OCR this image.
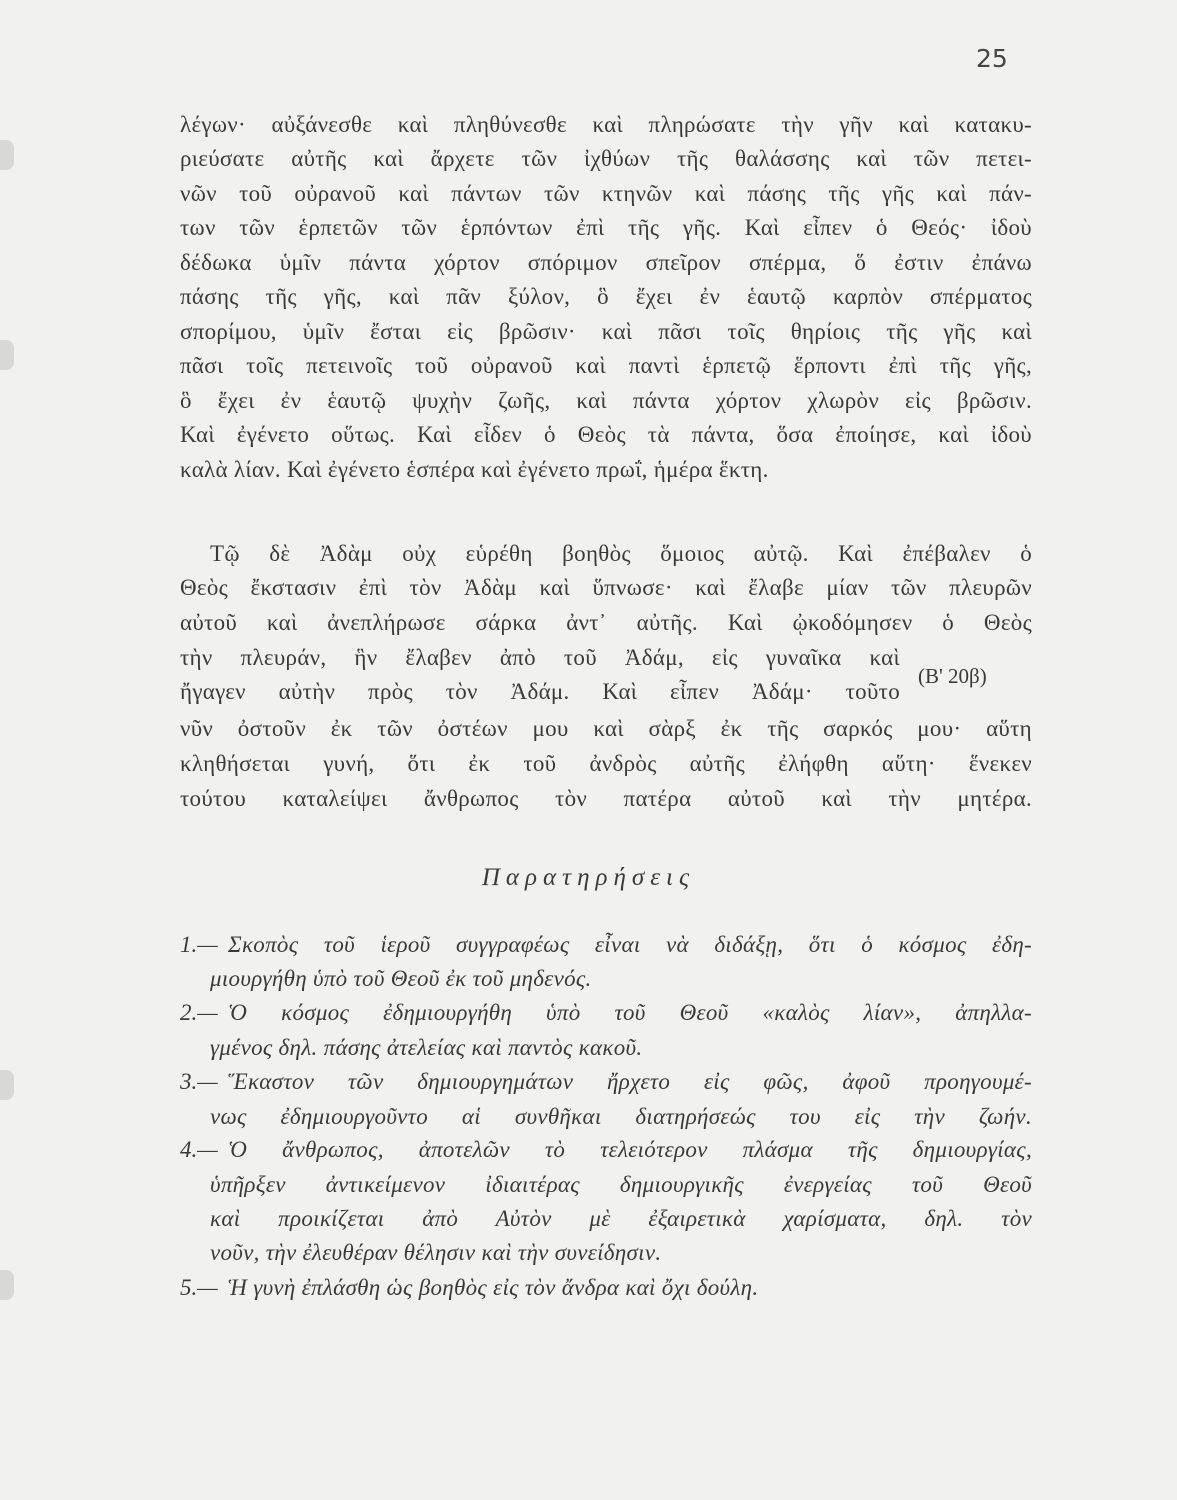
25
λέγων· αὐξάνεσθε καὶ πληθύνεσθε καὶ πληρώσατε τὴν γῆν καὶ κατακυ-
ριεύσατε αὐτῆς καὶ ἄρχετε τῶν ἰχθύων τῆς θαλάσσης καὶ τῶν πετει-
νῶν τοῦ οὐρανοῦ καὶ πάντων τῶν κτηνῶν καὶ πάσης τῆς γῆς καὶ πάν-
των τῶν ἑρπετῶν τῶν ἑρπόντων ἐπὶ τῆς γῆς. Καὶ εἶπεν ὁ Θεός· ἰδοὺ
δέδωκα ὑμῖν πάντα χόρτον σπόριμον σπεῖρον σπέρμα, ὅ ἐστιν ἐπάνω
πάσης τῆς γῆς, καὶ πᾶν ξύλον, ὃ ἔχει ἐν ἑαυτῷ καρπὸν σπέρματος
σπορίμου, ὑμῖν ἔσται εἰς βρῶσιν· καὶ πᾶσι τοῖς θηρίοις τῆς γῆς καὶ
πᾶσι τοῖς πετεινοῖς τοῦ οὐρανοῦ καὶ παντὶ ἑρπετῷ ἕρποντι ἐπὶ τῆς γῆς,
ὃ ἔχει ἐν ἑαυτῷ ψυχὴν ζωῆς, καὶ πάντα χόρτον χλωρὸν εἰς βρῶσιν.
Καὶ ἐγένετο οὕτως. Καὶ εἶδεν ὁ Θεὸς τὰ πάντα, ὅσα ἐποίησε, καὶ ἰδοὺ
καλὰ λίαν. Καὶ ἐγένετο ἑσπέρα καὶ ἐγένετο πρωΐ, ἡμέρα ἕκτη.
Τῷ δὲ Ἀδὰμ οὐχ εὑρέθη βοηθὸς ὅμοιος αὐτῷ. Καὶ ἐπέβαλεν ὁ
Θεὸς ἔκστασιν ἐπὶ τὸν Ἀδὰμ καὶ ὕπνωσε· καὶ ἔλαβε μίαν τῶν πλευρῶν
αὐτοῦ καὶ ἀνεπλήρωσε σάρκα ἀντ᾿ αὐτῆς. Καὶ ᾠκοδόμησεν ὁ Θεὸς
τὴν πλευράν, ἣν ἔλαβεν ἀπὸ τοῦ Ἀδάμ, εἰς γυναῖκα καὶ
ἤγαγεν αὐτὴν πρὸς τὸν Ἀδάμ. Καὶ εἶπεν Ἀδάμ· τοῦτο
νῦν ὀστοῦν ἐκ τῶν ὀστέων μου καὶ σὰρξ ἐκ τῆς σαρκός μου· αὕτη
κληθήσεται γυνή, ὅτι ἐκ τοῦ ἀνδρὸς αὐτῆς ἐλήφθη αὕτη· ἕνεκεν
τούτου καταλείψει ἄνθρωπος τὸν πατέρα αὐτοῦ καὶ τὴν μητέρα.
(Β' 20β)
Παρατηρήσεις
1.— Σκοπὸς τοῦ ἱεροῦ συγγραφέως εἶναι νὰ διδάξῃ, ὅτι ὁ κόσμος ἐδη-
μιουργήθη ὑπὸ τοῦ Θεοῦ ἐκ τοῦ μηδενός.
2.— Ὁ κόσμος ἐδημιουργήθη ὑπὸ τοῦ Θεοῦ «καλὸς λίαν», ἀπηλλα-
γμένος δηλ. πάσης ἀτελείας καὶ παντὸς κακοῦ.
3.— Ἕκαστον τῶν δημιουργημάτων ἤρχετο εἰς φῶς, ἀφοῦ προηγουμέ-
νως ἐδημιουργοῦντο αἱ συνθῆκαι διατηρήσεώς του εἰς τὴν ζωήν.
4.— Ὁ ἄνθρωπος, ἀποτελῶν τὸ τελειότερον πλάσμα τῆς δημιουργίας,
ὑπῆρξεν ἀντικείμενον ἰδιαιτέρας δημιουργικῆς ἐνεργείας τοῦ Θεοῦ
καὶ προικίζεται ἀπὸ Αὐτὸν μὲ ἐξαιρετικὰ χαρίσματα, δηλ. τὸν
νοῦν, τὴν ἐλευθέραν θέλησιν καὶ τὴν συνείδησιν.
5.— Ἡ γυνὴ ἐπλάσθη ὡς βοηθὸς εἰς τὸν ἄνδρα καὶ ὄχι δούλη.
